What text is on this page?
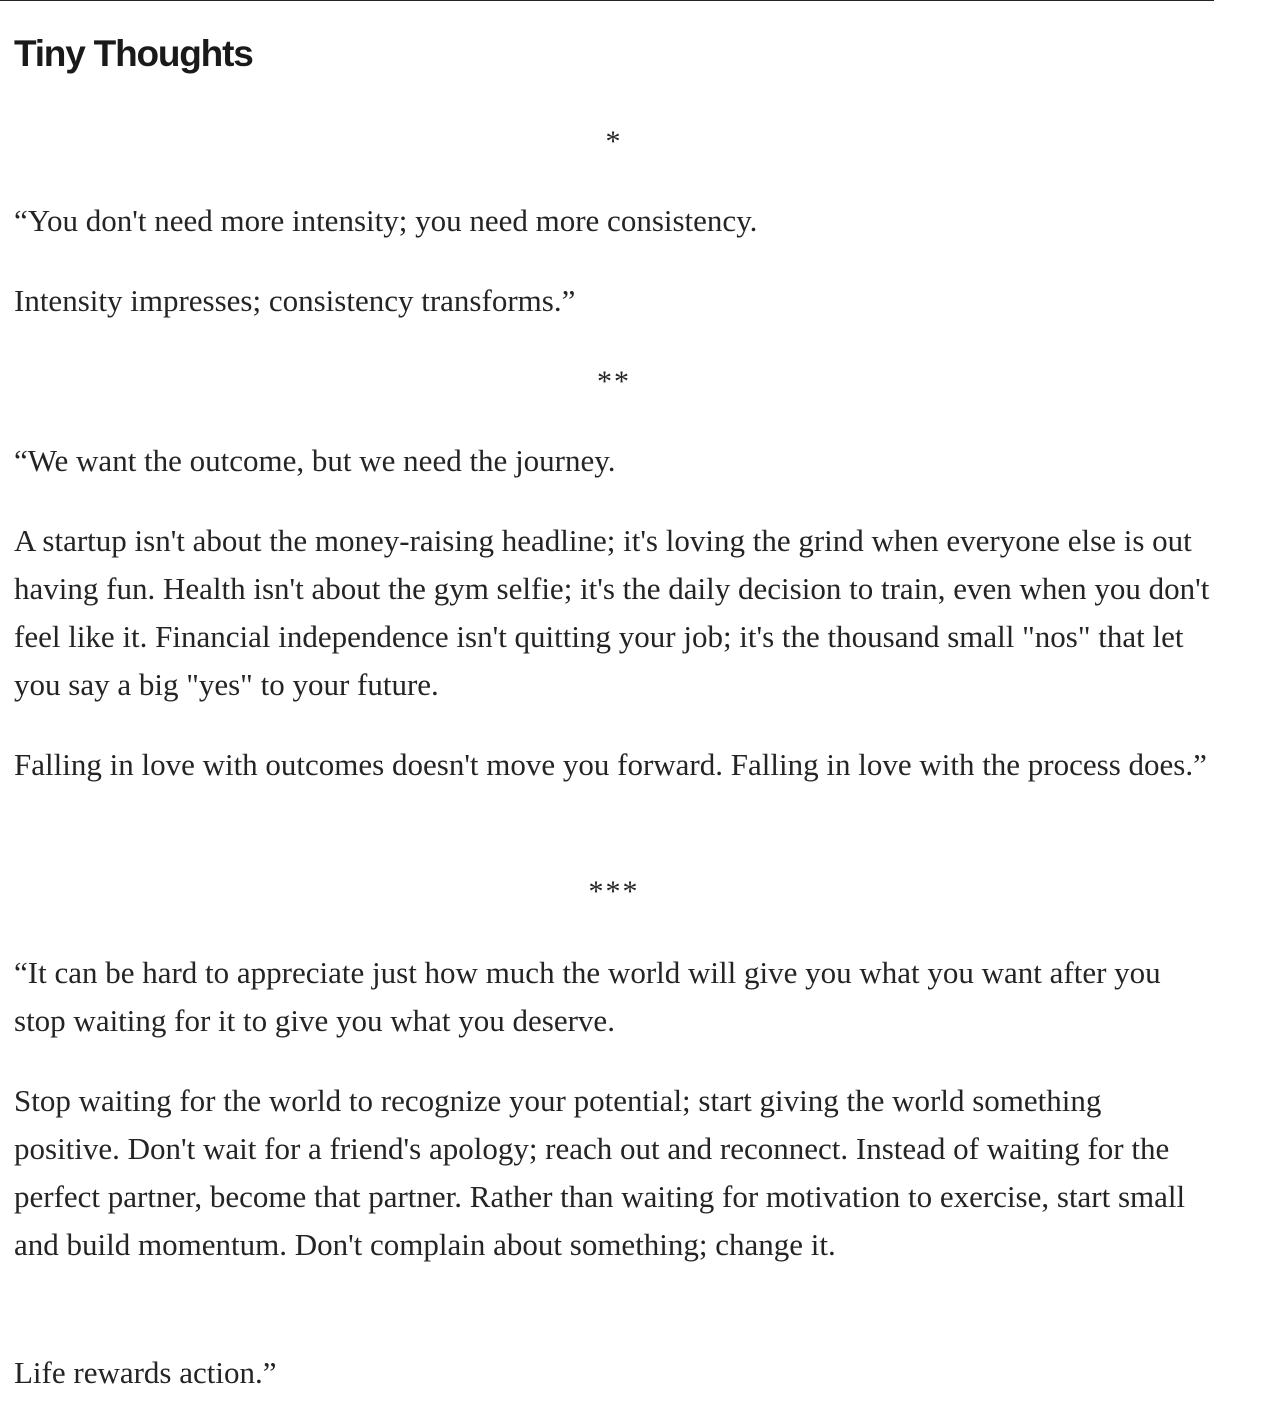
Tiny Thoughts
*

“You don't need more intensity; you need more consistency.

Intensity impresses; consistency transforms.”

**

“We want the outcome, but we need the journey.

A startup isn't about the money-raising headline; it's loving the grind when everyone else is out having fun. Health isn't about the gym selfie; it's the daily decision to train, even when you don't feel like it. Financial independence isn't quitting your job; it's the thousand small "nos" that let you say a big "yes" to your future.

Falling in love with outcomes doesn't move you forward. Falling in love with the process does.”

***

“It can be hard to appreciate just how much the world will give you what you want after you stop waiting for it to give you what you deserve.

Stop waiting for the world to recognize your potential; start giving the world something positive. Don't wait for a friend's apology; reach out and reconnect. Instead of waiting for the perfect partner, become that partner. Rather than waiting for motivation to exercise, start small and build momentum. Don't complain about something; change it.

Life rewards action.”
